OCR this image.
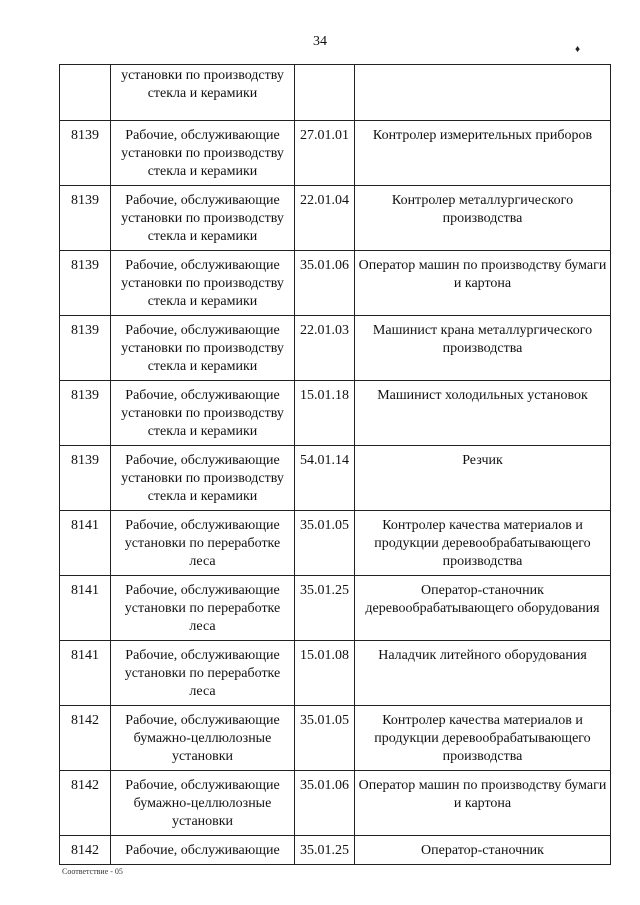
34
♦
	установки по производству стекла и керамики		
8139	Рабочие, обслуживающие установки по производству стекла и керамики	27.01.01	Контролер измерительных приборов
8139	Рабочие, обслуживающие установки по производству стекла и керамики	22.01.04	Контролер металлургического производства
8139	Рабочие, обслуживающие установки по производству стекла и керамики	35.01.06	Оператор машин по производству бумаги и картона
8139	Рабочие, обслуживающие установки по производству стекла и керамики	22.01.03	Машинист крана металлургического производства
8139	Рабочие, обслуживающие установки по производству стекла и керамики	15.01.18	Машинист холодильных установок
8139	Рабочие, обслуживающие установки по производству стекла и керамики	54.01.14	Резчик
8141	Рабочие, обслуживающие установки по переработке леса	35.01.05	Контролер качества материалов и продукции деревообрабатывающего производства
8141	Рабочие, обслуживающие установки по переработке леса	35.01.25	Оператор-станочник деревообрабатывающего оборудования
8141	Рабочие, обслуживающие установки по переработке леса	15.01.08	Наладчик литейного оборудования
8142	Рабочие, обслуживающие бумажно-целлюлозные установки	35.01.05	Контролер качества материалов и продукции деревообрабатывающего производства
8142	Рабочие, обслуживающие бумажно-целлюлозные установки	35.01.06	Оператор машин по производству бумаги и картона
8142	Рабочие, обслуживающие	35.01.25	Оператор-станочник
Соответствие - 05
